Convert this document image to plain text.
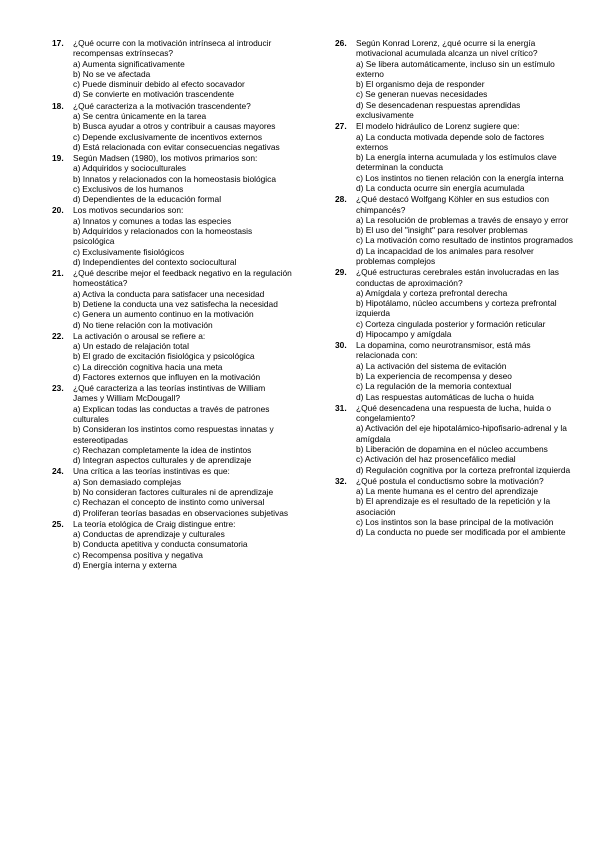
17. ¿Qué ocurre con la motivación intrínseca al introducir recompensas extrínsecas?
a) Aumenta significativamente
b) No se ve afectada
c) Puede disminuir debido al efecto socavador
d) Se convierte en motivación trascendente
18. ¿Qué caracteriza a la motivación trascendente?
a) Se centra únicamente en la tarea
b) Busca ayudar a otros y contribuir a causas mayores
c) Depende exclusivamente de incentivos externos
d) Está relacionada con evitar consecuencias negativas
19. Según Madsen (1980), los motivos primarios son:
a) Adquiridos y socioculturales
b) Innatos y relacionados con la homeostasis biológica
c) Exclusivos de los humanos
d) Dependientes de la educación formal
20. Los motivos secundarios son:
a) Innatos y comunes a todas las especies
b) Adquiridos y relacionados con la homeostasis psicológica
c) Exclusivamente fisiológicos
d) Independientes del contexto sociocultural
21. ¿Qué describe mejor el feedback negativo en la regulación homeostática?
a) Activa la conducta para satisfacer una necesidad
b) Detiene la conducta una vez satisfecha la necesidad
c) Genera un aumento continuo en la motivación
d) No tiene relación con la motivación
22. La activación o arousal se refiere a:
a) Un estado de relajación total
b) El grado de excitación fisiológica y psicológica
c) La dirección cognitiva hacia una meta
d) Factores externos que influyen en la motivación
23. ¿Qué caracteriza a las teorías instintivas de William James y William McDougall?
a) Explican todas las conductas a través de patrones culturales
b) Consideran los instintos como respuestas innatas y estereotipadas
c) Rechazan completamente la idea de instintos
d) Integran aspectos culturales y de aprendizaje
24. Una crítica a las teorías instintivas es que:
a) Son demasiado complejas
b) No consideran factores culturales ni de aprendizaje
c) Rechazan el concepto de instinto como universal
d) Proliferan teorías basadas en observaciones subjetivas
25. La teoría etológica de Craig distingue entre:
a) Conductas de aprendizaje y culturales
b) Conducta apetitiva y conducta consumatoria
c) Recompensa positiva y negativa
d) Energía interna y externa
26. Según Konrad Lorenz, ¿qué ocurre si la energía motivacional acumulada alcanza un nivel crítico?
a) Se libera automáticamente, incluso sin un estímulo externo
b) El organismo deja de responder
c) Se generan nuevas necesidades
d) Se desencadenan respuestas aprendidas exclusivamente
27. El modelo hidráulico de Lorenz sugiere que:
a) La conducta motivada depende solo de factores externos
b) La energía interna acumulada y los estímulos clave determinan la conducta
c) Los instintos no tienen relación con la energía interna
d) La conducta ocurre sin energía acumulada
28. ¿Qué destacó Wolfgang Köhler en sus estudios con chimpancés?
a) La resolución de problemas a través de ensayo y error
b) El uso del "insight" para resolver problemas
c) La motivación como resultado de instintos programados
d) La incapacidad de los animales para resolver problemas complejos
29. ¿Qué estructuras cerebrales están involucradas en las conductas de aproximación?
a) Amígdala y corteza prefrontal derecha
b) Hipotálamo, núcleo accumbens y corteza prefrontal izquierda
c) Corteza cingulada posterior y formación reticular
d) Hipocampo y amígdala
30. La dopamina, como neurotransmisor, está más relacionada con:
a) La activación del sistema de evitación
b) La experiencia de recompensa y deseo
c) La regulación de la memoria contextual
d) Las respuestas automáticas de lucha o huida
31. ¿Qué desencadena una respuesta de lucha, huida o congelamiento?
a) Activación del eje hipotalámico-hipofisario-adrenal y la amígdala
b) Liberación de dopamina en el núcleo accumbens
c) Activación del haz prosencefálico medial
d) Regulación cognitiva por la corteza prefrontal izquierda
32. ¿Qué postula el conductismo sobre la motivación?
a) La mente humana es el centro del aprendizaje
b) El aprendizaje es el resultado de la repetición y la asociación
c) Los instintos son la base principal de la motivación
d) La conducta no puede ser modificada por el ambiente
